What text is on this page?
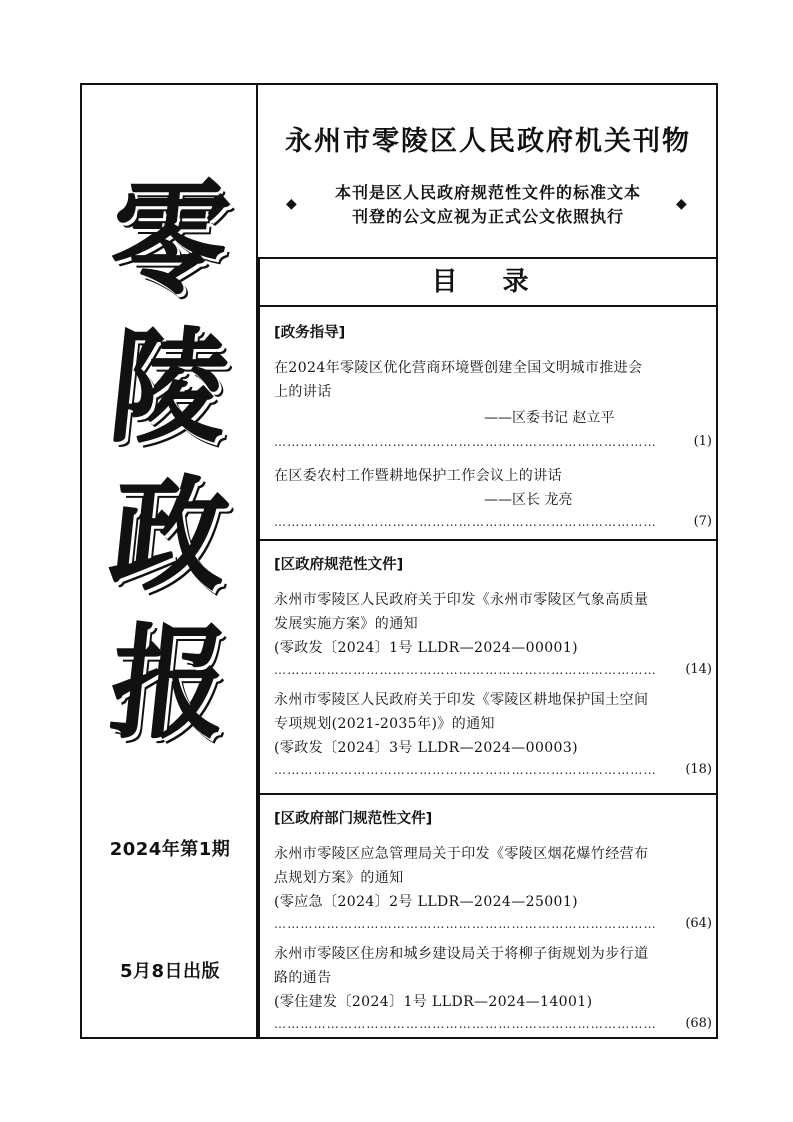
零
陵
政
报
2024年第1期
5月8日出版
永州市零陵区人民政府机关刊物
本刊是区人民政府规范性文件的标准文本
刊登的公文应视为正式公文依照执行
◆	◆
目 录
[政务指导]
在2024年零陵区优化营商环境暨创建全国文明城市推进会
上的讲话
——区委书记 赵立平
……………………………………………………………………………	(1)
在区委农村工作暨耕地保护工作会议上的讲话
——区长 龙亮
……………………………………………………………………………	(7)
[区政府规范性文件]
永州市零陵区人民政府关于印发《永州市零陵区气象高质量
发展实施方案》的通知
(零政发〔2024〕1号 LLDR—2024—00001)
……………………………………………………………………………	(14)
永州市零陵区人民政府关于印发《零陵区耕地保护国土空间
专项规划(2021-2035年)》的通知
(零政发〔2024〕3号 LLDR—2024—00003)
……………………………………………………………………………	(18)
[区政府部门规范性文件]
永州市零陵区应急管理局关于印发《零陵区烟花爆竹经营布
点规划方案》的通知
(零应急〔2024〕2号 LLDR—2024—25001)
……………………………………………………………………………	(64)
永州市零陵区住房和城乡建设局关于将柳子街规划为步行道
路的通告
(零住建发〔2024〕1号 LLDR—2024—14001)
……………………………………………………………………………	(68)
